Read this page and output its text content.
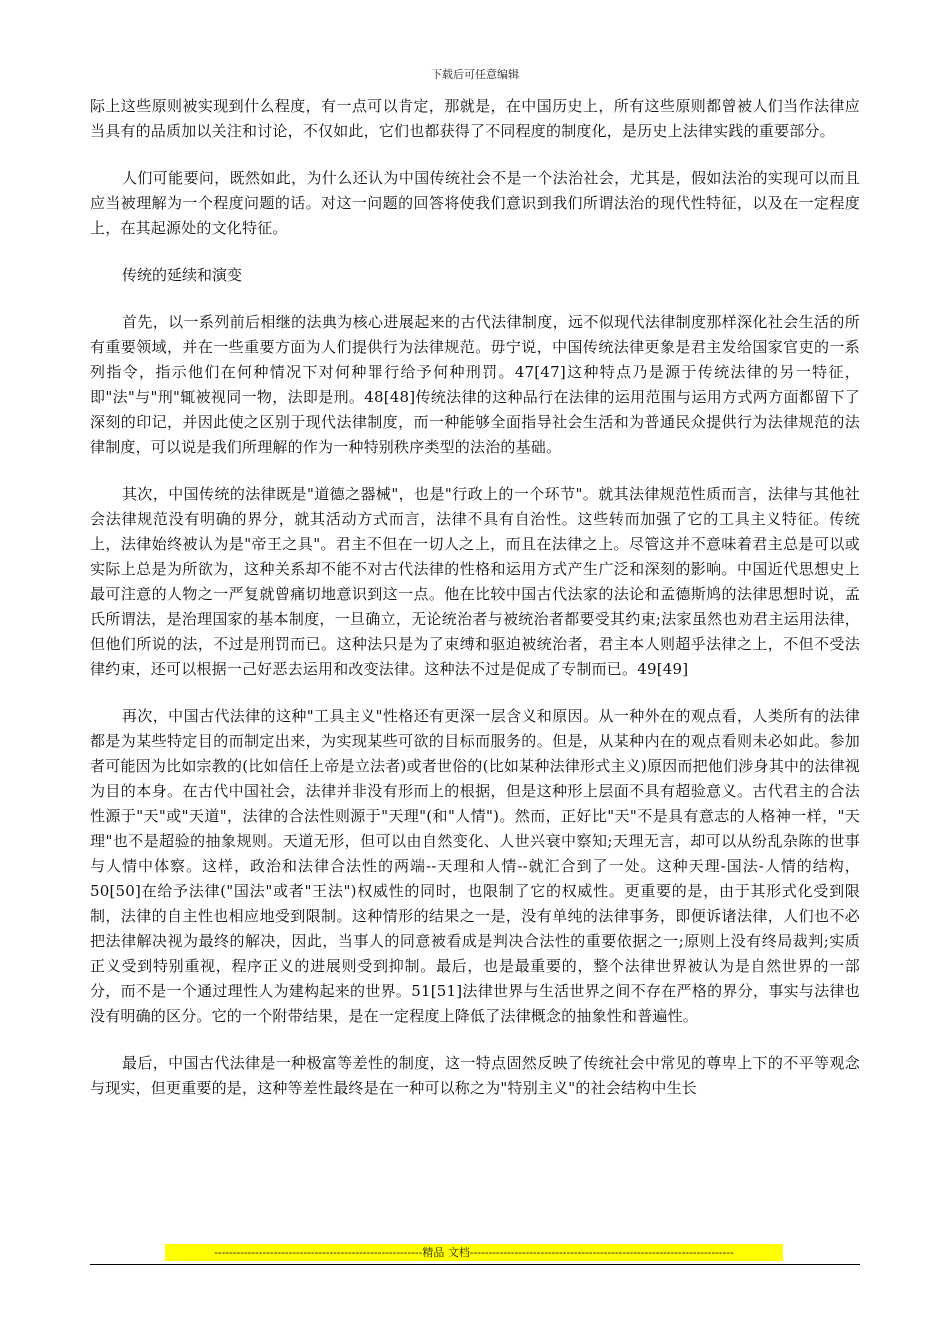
下载后可任意编辑

际上这些原则被实现到什么程度，有一点可以肯定，那就是，在中国历史上，所有这些原则都曾被人们当作法律应当具有的品质加以关注和讨论，不仅如此，它们也都获得了不同程度的制度化，是历史上法律实践的重要部分。

人们可能要问，既然如此，为什么还认为中国传统社会不是一个法治社会，尤其是，假如法治的实现可以而且应当被理解为一个程度问题的话。对这一问题的回答将使我们意识到我们所谓法治的现代性特征，以及在一定程度上，在其起源处的文化特征。

传统的延续和演变

首先，以一系列前后相继的法典为核心进展起来的古代法律制度，远不似现代法律制度那样深化社会生活的所有重要领域，并在一些重要方面为人们提供行为法律规范。毋宁说，中国传统法律更象是君主发给国家官吏的一系列指令，指示他们在何种情况下对何种罪行给予何种刑罚。47[47]这种特点乃是源于传统法律的另一特征，即"法"与"刑"辄被视同一物，法即是刑。48[48]传统法律的这种品行在法律的运用范围与运用方式两方面都留下了深刻的印记，并因此使之区别于现代法律制度，而一种能够全面指导社会生活和为普通民众提供行为法律规范的法律制度，可以说是我们所理解的作为一种特别秩序类型的法治的基础。

其次，中国传统的法律既是"道德之器械"，也是"行政上的一个环节"。就其法律规范性质而言，法律与其他社会法律规范没有明确的界分，就其活动方式而言，法律不具有自治性。这些转而加强了它的工具主义特征。传统上，法律始终被认为是"帝王之具"。君主不但在一切人之上，而且在法律之上。尽管这并不意味着君主总是可以或实际上总是为所欲为，这种关系却不能不对古代法律的性格和运用方式产生广泛和深刻的影响。中国近代思想史上最可注意的人物之一严复就曾痛切地意识到这一点。他在比较中国古代法家的法论和孟德斯鸠的法律思想时说，孟氏所谓法，是治理国家的基本制度，一旦确立，无论统治者与被统治者都要受其约束;法家虽然也劝君主运用法律，但他们所说的法，不过是刑罚而已。这种法只是为了束缚和驱迫被统治者，君主本人则超乎法律之上，不但不受法律约束，还可以根据一己好恶去运用和改变法律。这种法不过是促成了专制而已。49[49]

再次，中国古代法律的这种"工具主义"性格还有更深一层含义和原因。从一种外在的观点看，人类所有的法律都是为某些特定目的而制定出来，为实现某些可欲的目标而服务的。但是，从某种内在的观点看则未必如此。参加者可能因为比如宗教的(比如信任上帝是立法者)或者世俗的(比如某种法律形式主义)原因而把他们涉身其中的法律视为目的本身。在古代中国社会，法律并非没有形而上的根据，但是这种形上层面不具有超验意义。古代君主的合法性源于"天"或"天道"，法律的合法性则源于"天理"(和"人情")。然而，正好比"天"不是具有意志的人格神一样，"天理"也不是超验的抽象规则。天道无形，但可以由自然变化、人世兴衰中察知;天理无言，却可以从纷乱杂陈的世事与人情中体察。这样，政治和法律合法性的两端--天理和人情--就汇合到了一处。这种天理-国法-人情的结构，50[50]在给予法律("国法"或者"王法")权威性的同时，也限制了它的权威性。更重要的是，由于其形式化受到限制，法律的自主性也相应地受到限制。这种情形的结果之一是，没有单纯的法律事务，即便诉诸法律，人们也不必把法律解决视为最终的解决，因此，当事人的同意被看成是判决合法性的重要依据之一;原则上没有终局裁判;实质正义受到特别重视，程序正义的进展则受到抑制。最后，也是最重要的，整个法律世界被认为是自然世界的一部分，而不是一个通过理性人为建构起来的世界。51[51]法律世界与生活世界之间不存在严格的界分，事实与法律也没有明确的区分。它的一个附带结果，是在一定程度上降低了法律概念的抽象性和普遍性。

最后，中国古代法律是一种极富等差性的制度，这一特点固然反映了传统社会中常见的尊卑上下的不平等观念与现实，但更重要的是，这种等差性最终是在一种可以称之为"特别主义"的社会结构中生长

--------------------------------------------------------精品 文档-----------------------------------------------------------------------
